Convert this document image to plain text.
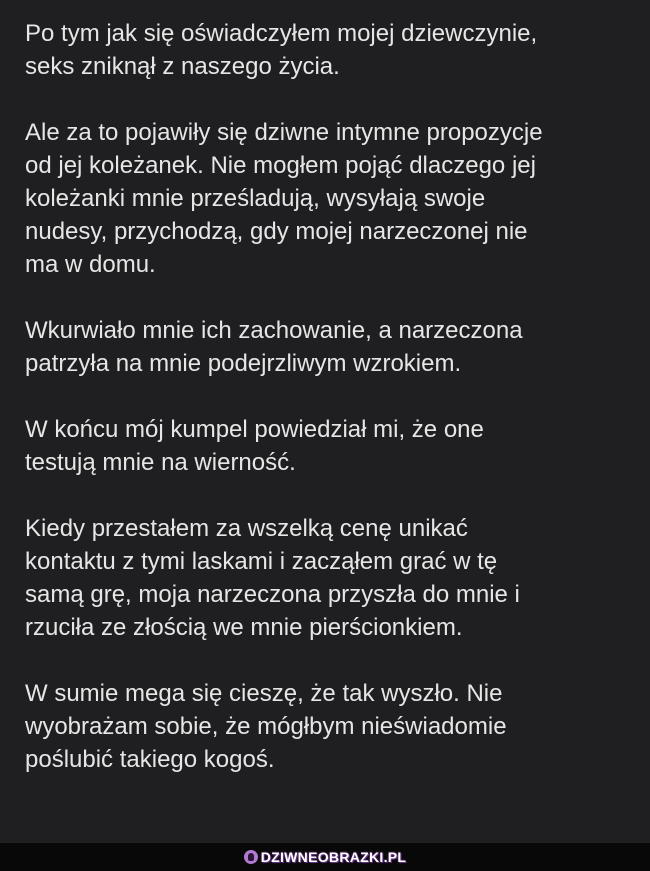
Po tym jak się oświadczyłem mojej dziewczynie,
seks zniknął z naszego życia.

Ale za to pojawiły się dziwne intymne propozycje
od jej koleżanek. Nie mogłem pojąć dlaczego jej
koleżanki mnie prześladują, wysyłają swoje
nudesy, przychodzą, gdy mojej narzeczonej nie
ma w domu.

Wkurwiało mnie ich zachowanie, a narzeczona
patrzyła na mnie podejrzliwym wzrokiem.

W końcu mój kumpel powiedział mi, że one
testują mnie na wierność.

Kiedy przestałem za wszelką cenę unikać
kontaktu z tymi laskami i zacząłem grać w tę
samą grę, moja narzeczona przyszła do mnie i
rzuciła ze złością we mnie pierścionkiem.

W sumie mega się cieszę, że tak wyszło. Nie
wyobrażam sobie, że mógłbym nieświadomie
poślubić takiego kogoś.

DZIWNEOBRAZKI.PL
